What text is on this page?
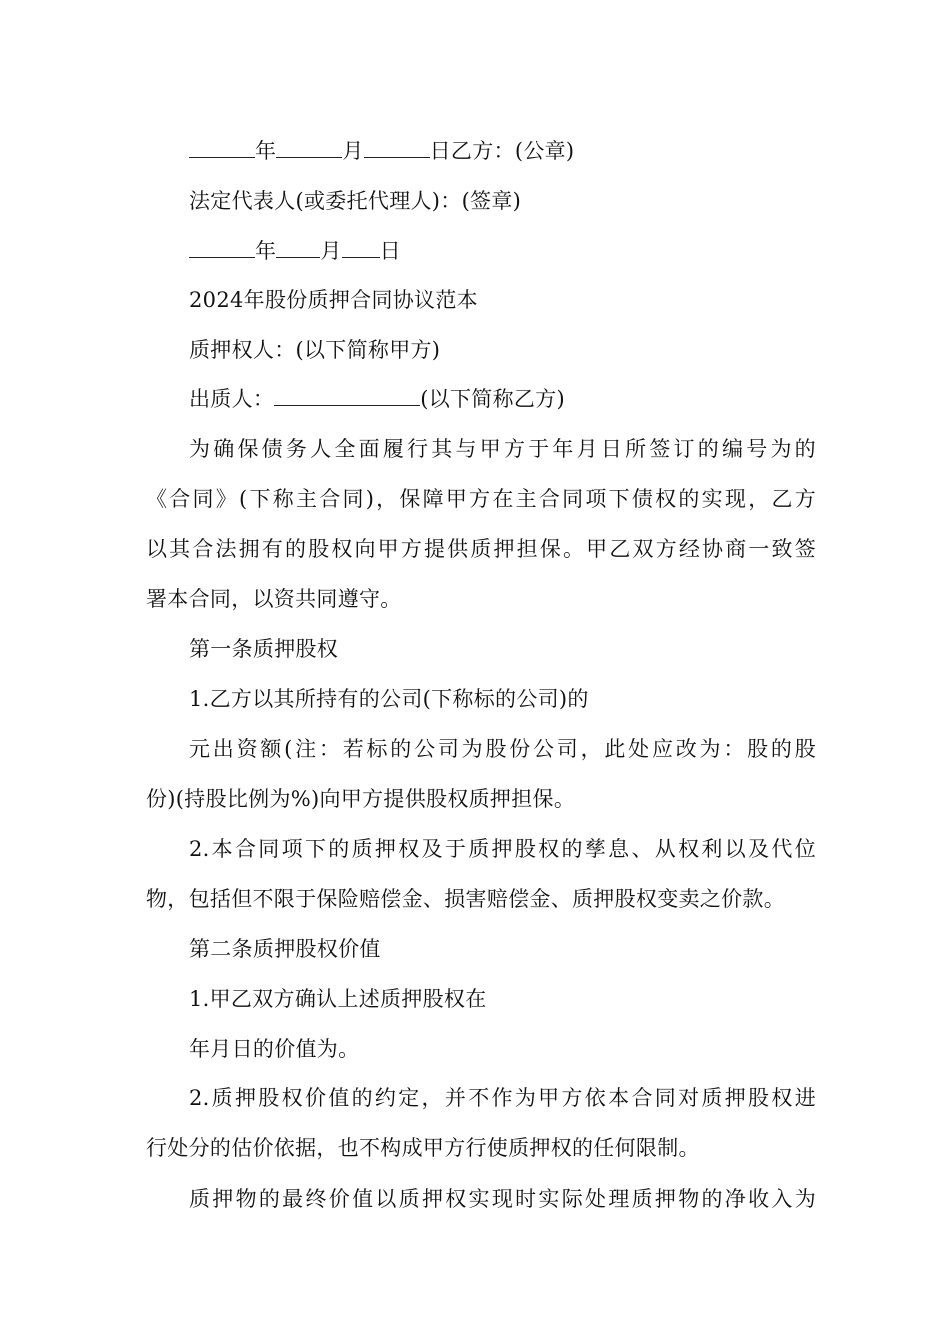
年	月	日乙方：(公章)
法定代表人(或委托代理人)：(签章)
年 月 日
2024年股份质押合同协议范本
质押权人：(以下简称甲方)
出质人：	(以下简称乙方)
为确保债务人全面履行其与甲方于年月日所签订的编号为的
《合同》(下称主合同)，保障甲方在主合同项下债权的实现，乙方
以其合法拥有的股权向甲方提供质押担保。甲乙双方经协商一致签
署本合同，以资共同遵守。
第一条质押股权
1.乙方以其所持有的公司(下称标的公司)的
元出资额(注：若标的公司为股份公司，此处应改为：股的股
份)(持股比例为%)向甲方提供股权质押担保。
2.本合同项下的质押权及于质押股权的孳息、从权利以及代位
物，包括但不限于保险赔偿金、损害赔偿金、质押股权变卖之价款。
第二条质押股权价值
1.甲乙双方确认上述质押股权在
年月日的价值为。
2.质押股权价值的约定，并不作为甲方依本合同对质押股权进
行处分的估价依据，也不构成甲方行使质押权的任何限制。
质押物的最终价值以质押权实现时实际处理质押物的净收入为
